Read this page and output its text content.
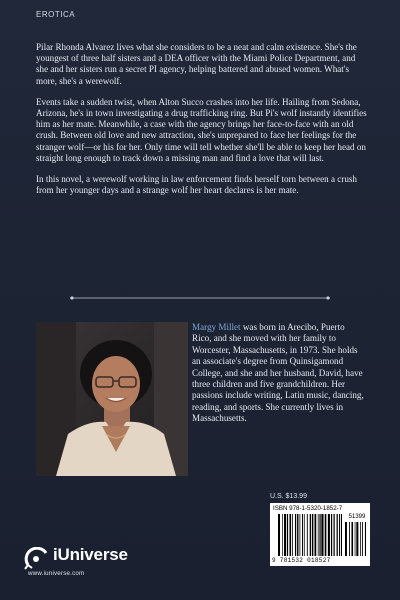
EROTICA

Pilar Rhonda Alvarez lives what she considers to be a neat and calm existence. She's the youngest of three half sisters and a DEA officer with the Miami Police Department, and she and her sisters run a secret PI agency, helping battered and abused women. What's more, she's a werewolf.

Events take a sudden twist, when Alton Succo crashes into her life. Hailing from Sedona, Arizona, he's in town investigating a drug trafficking ring. But Pi's wolf instantly identifies him as her mate. Meanwhile, a case with the agency brings her face-to-face with an old crush. Between old love and new attraction, she's unprepared to face her feelings for the stranger wolf—or his for her. Only time will tell whether she'll be able to keep her head on straight long enough to track down a missing man and find a love that will last.

In this novel, a werewolf working in law enforcement finds herself torn between a crush from her younger days and a strange wolf her heart declares is her mate.

Margy Millet was born in Arecibo, Puerto Rico, and she moved with her family to Worcester, Massachusetts, in 1973. She holds an associate's degree from Quinsigamond College, and she and her husband, David, have three children and five grandchildren. Her passions include writing, Latin music, dancing, reading, and sports. She currently lives in Massachusetts.
U.S. $13.99
ISBN 978-1-5320-1852-7
51399
9 781532 018527
iUniverse
www.iuniverse.com
